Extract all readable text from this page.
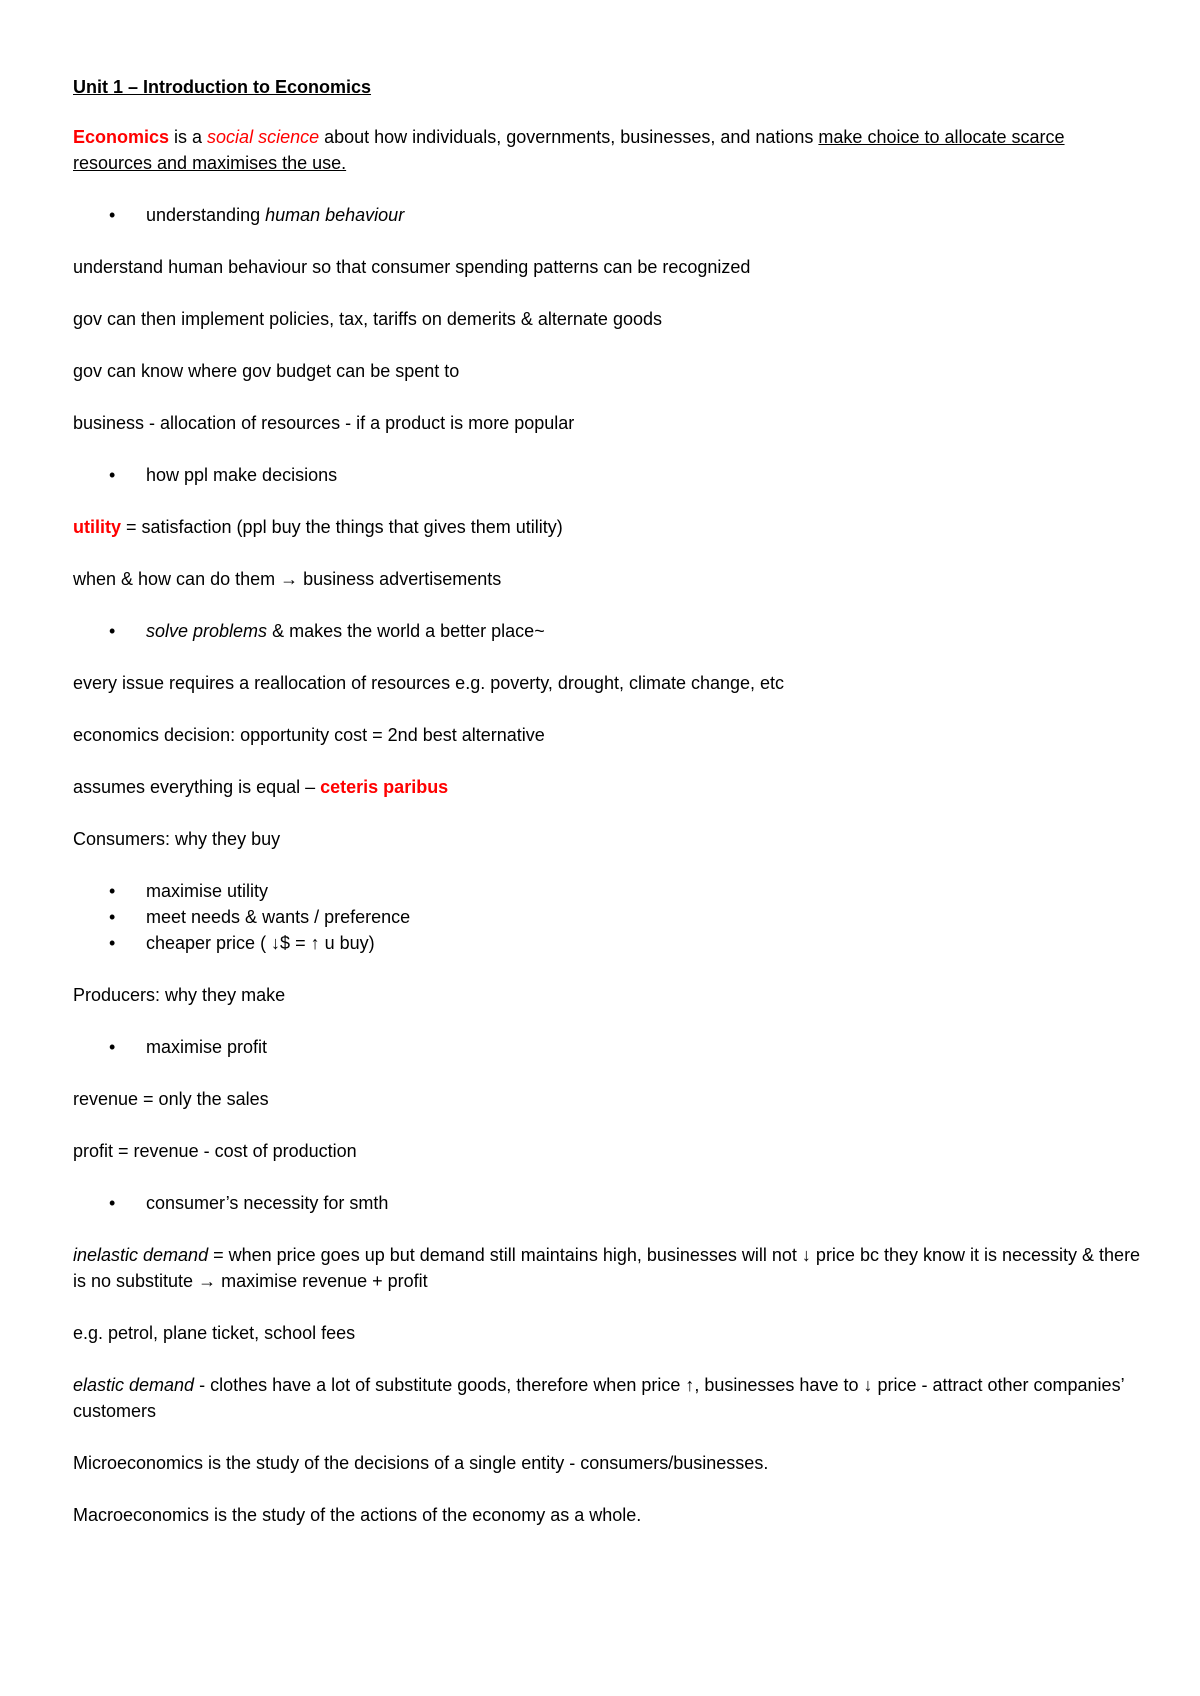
Unit 1 – Introduction to Economics

Economics is a social science about how individuals, governments, businesses, and nations make choice to allocate scarce resources and maximises the use.

• understanding human behaviour

understand human behaviour so that consumer spending patterns can be recognized

gov can then implement policies, tax, tariffs on demerits & alternate goods

gov can know where gov budget can be spent to

business - allocation of resources - if a product is more popular

• how ppl make decisions

utility = satisfaction (ppl buy the things that gives them utility)

when & how can do them → business advertisements

• solve problems & makes the world a better place~

every issue requires a reallocation of resources e.g. poverty, drought, climate change, etc

economics decision: opportunity cost = 2nd best alternative

assumes everything is equal – ceteris paribus

Consumers: why they buy

• maximise utility
• meet needs & wants / preference
• cheaper price ( ↓$ = ↑ u buy)

Producers: why they make

• maximise profit

revenue = only the sales

profit = revenue - cost of production

• consumer’s necessity for smth

inelastic demand = when price goes up but demand still maintains high, businesses will not ↓ price bc they know it is necessity & there is no substitute → maximise revenue + profit

e.g. petrol, plane ticket, school fees

elastic demand - clothes have a lot of substitute goods, therefore when price ↑, businesses have to ↓ price - attract other companies’ customers

Microeconomics is the study of the decisions of a single entity - consumers/businesses.

Macroeconomics is the study of the actions of the economy as a whole.
